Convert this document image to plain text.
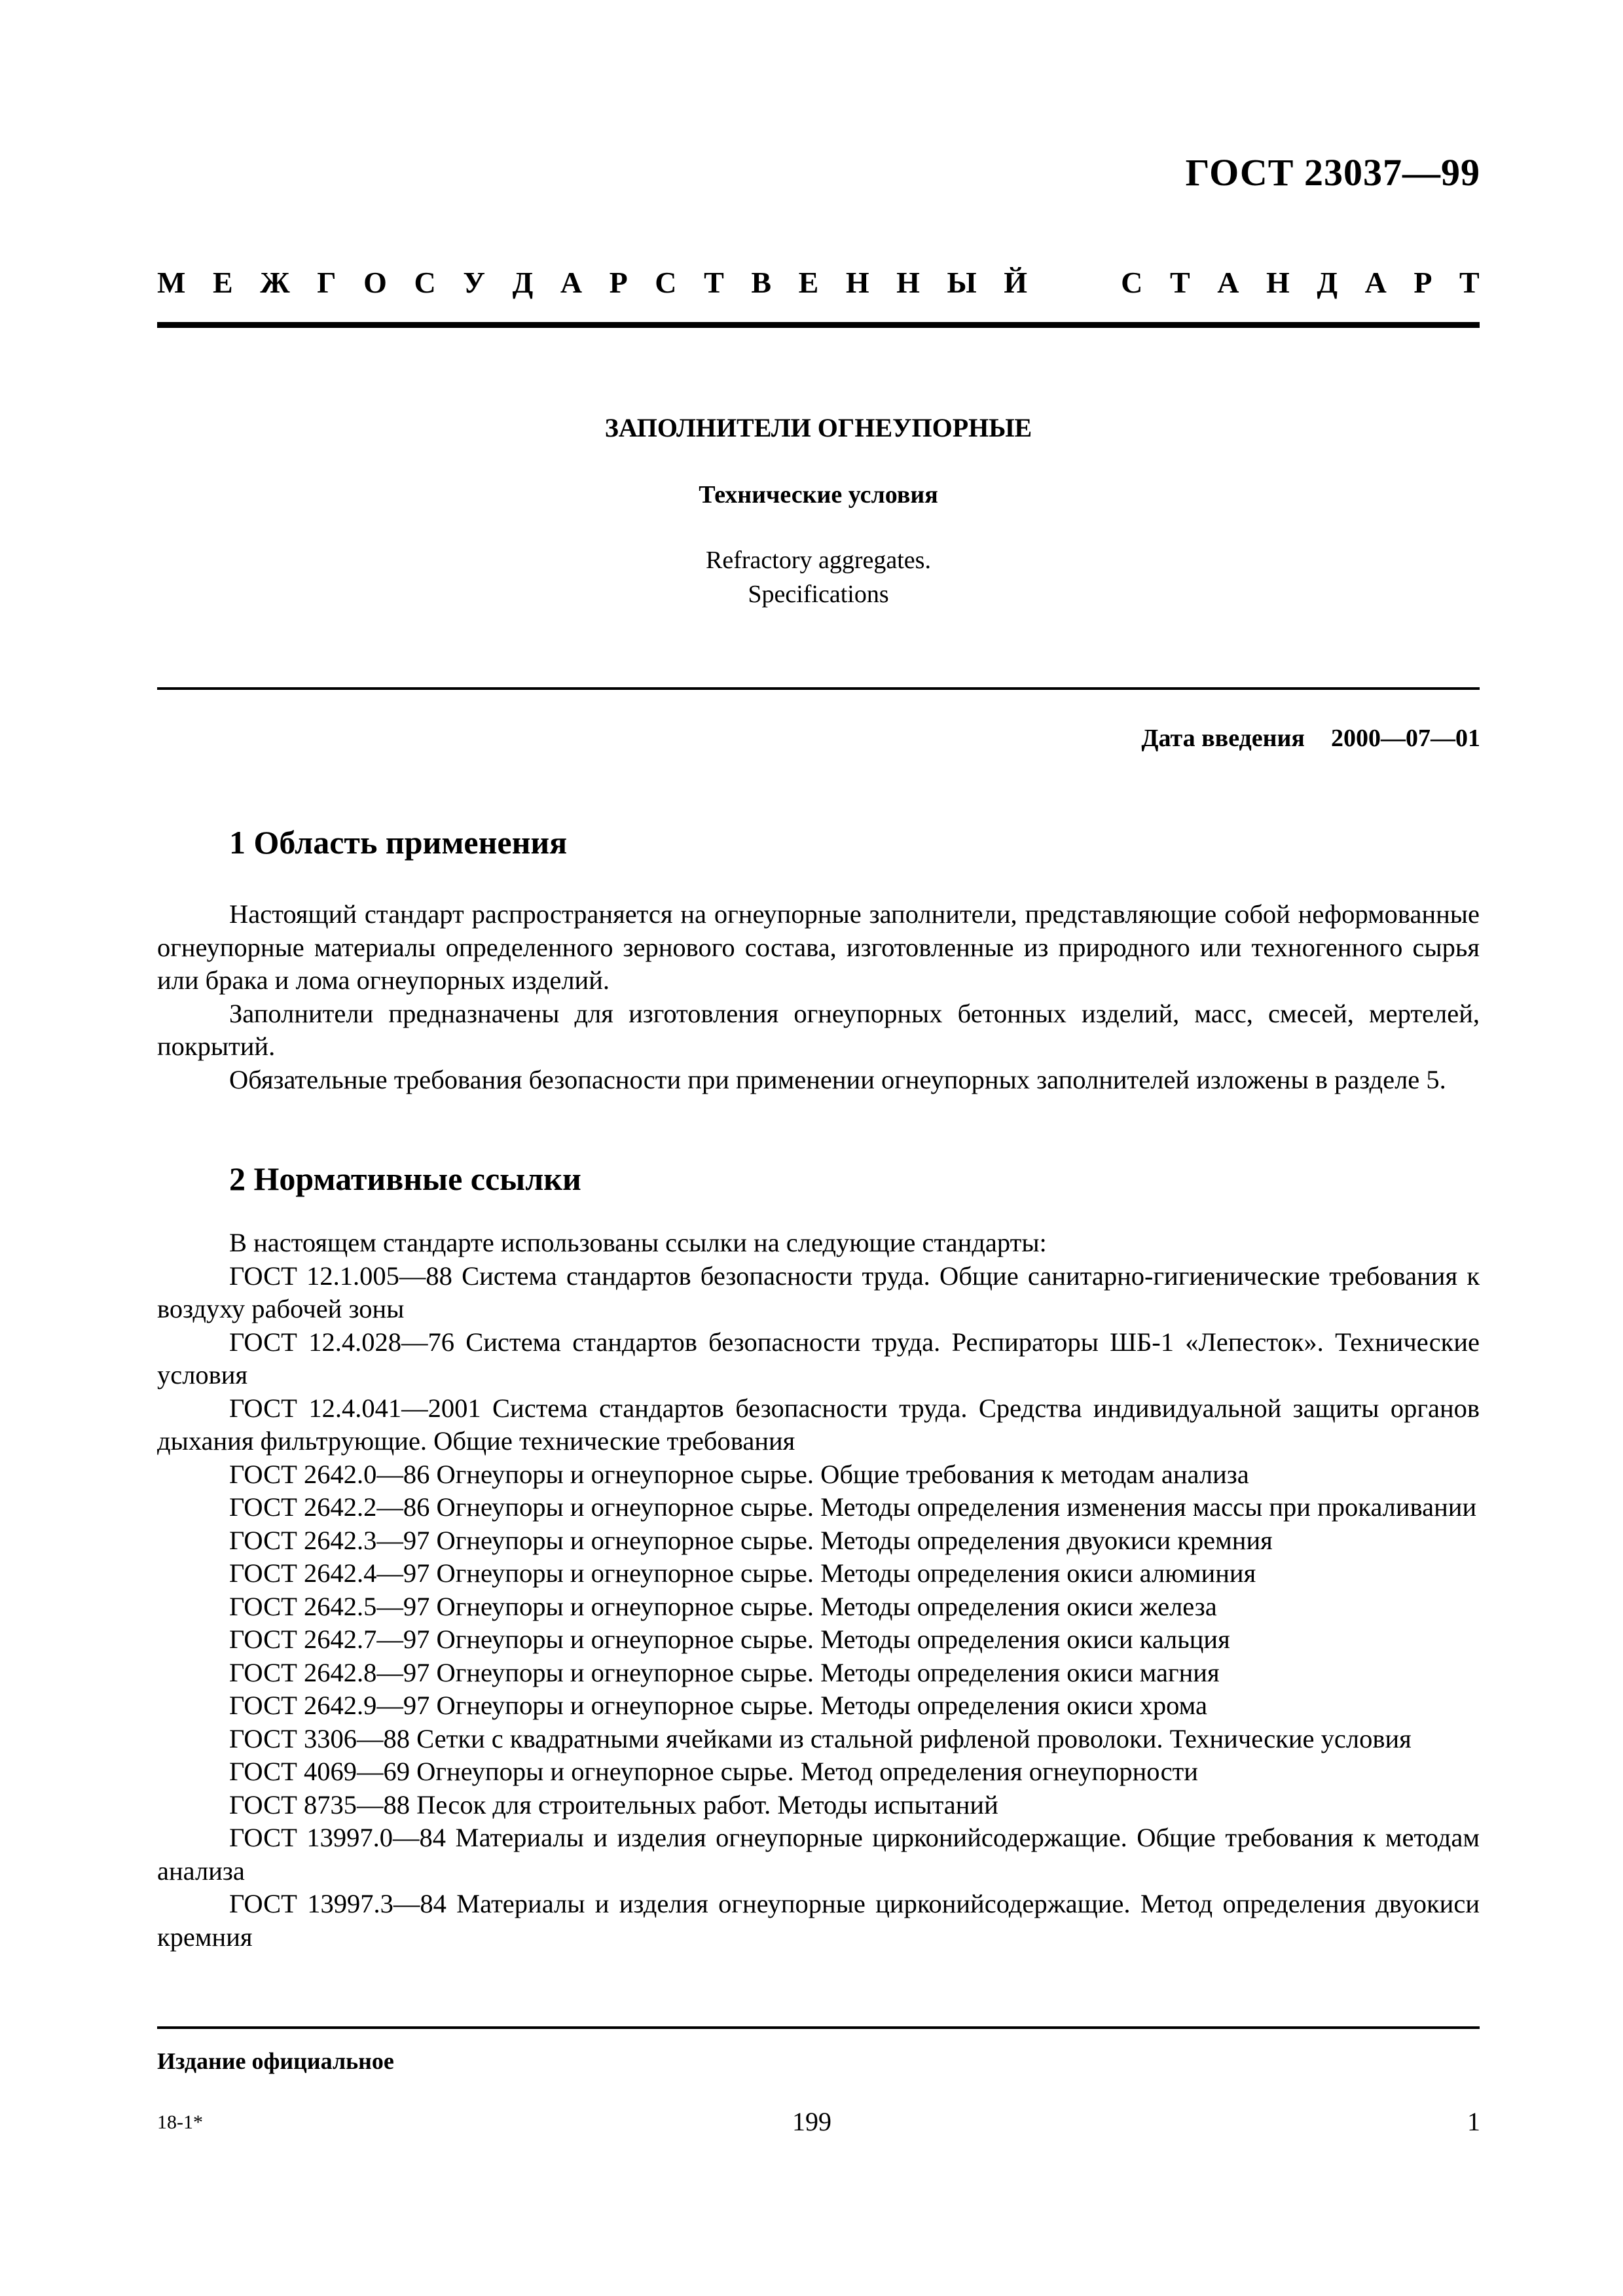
ГОСТ 23037—99
М Е Ж Г О С У Д А Р С Т В Е Н Н Ы Й	С Т А Н Д А Р Т
ЗАПОЛНИТЕЛИ ОГНЕУПОРНЫЕ
Технические условия
Refractory aggregates.
Specifications
Дата введения 2000—07—01
1 Область применения

Настоящий стандарт распространяется на огнеупорные заполнители, представляющие собой неформованные огнеупорные материалы определенного зернового состава, изготовленные из природного или техногенного сырья или брака и лома огнеупорных изделий.

Заполнители предназначены для изготовления огнеупорных бетонных изделий, масс, смесей, мертелей, покрытий.

Обязательные требования безопасности при применении огнеупорных заполнителей изложены в разделе 5.

2 Нормативные ссылки

В настоящем стандарте использованы ссылки на следующие стандарты:

ГОСТ 12.1.005—88 Система стандартов безопасности труда. Общие санитарно-гигиенические требования к воздуху рабочей зоны

ГОСТ 12.4.028—76 Система стандартов безопасности труда. Респираторы ШБ-1 «Лепесток». Технические условия

ГОСТ 12.4.041—2001 Система стандартов безопасности труда. Средства индивидуальной защиты органов дыхания фильтрующие. Общие технические требования

ГОСТ 2642.0—86 Огнеупоры и огнеупорное сырье. Общие требования к методам анализа

ГОСТ 2642.2—86 Огнеупоры и огнеупорное сырье. Методы определения изменения массы при прокаливании

ГОСТ 2642.3—97 Огнеупоры и огнеупорное сырье. Методы определения двуокиси кремния

ГОСТ 2642.4—97 Огнеупоры и огнеупорное сырье. Методы определения окиси алюминия

ГОСТ 2642.5—97 Огнеупоры и огнеупорное сырье. Методы определения окиси железа

ГОСТ 2642.7—97 Огнеупоры и огнеупорное сырье. Методы определения окиси кальция

ГОСТ 2642.8—97 Огнеупоры и огнеупорное сырье. Методы определения окиси магния

ГОСТ 2642.9—97 Огнеупоры и огнеупорное сырье. Методы определения окиси хрома

ГОСТ 3306—88 Сетки с квадратными ячейками из стальной рифленой проволоки. Технические условия

ГОСТ 4069—69 Огнеупоры и огнеупорное сырье. Метод определения огнеупорности

ГОСТ 8735—88 Песок для строительных работ. Методы испытаний

ГОСТ 13997.0—84 Материалы и изделия огнеупорные цирконийсодержащие. Общие требования к методам анализа

ГОСТ 13997.3—84 Материалы и изделия огнеупорные цирконийсодержащие. Метод определения двуокиси кремния

Издание официальное
18-1*	199	1
